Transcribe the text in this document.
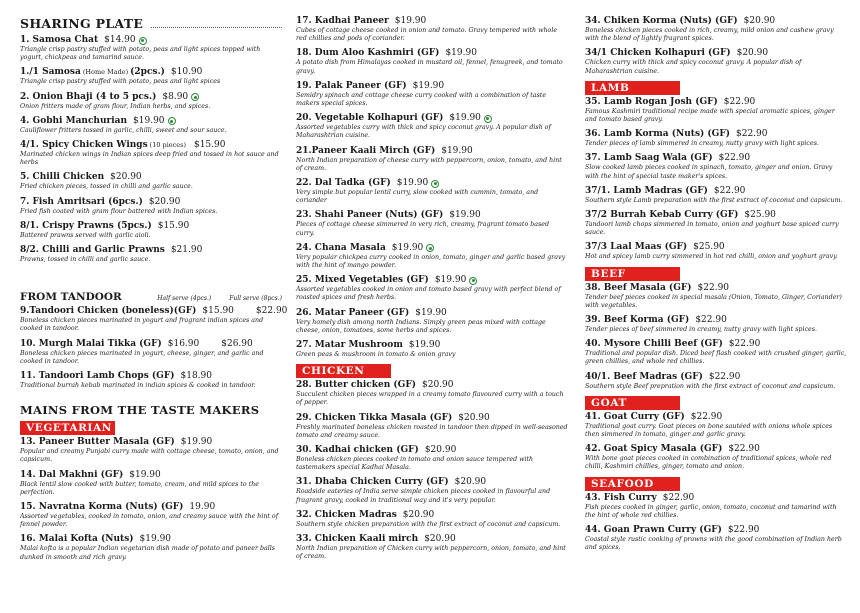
SHARING PLATE
1. Samosa Chat $14.90
Triangle crisp pastry stuffed with potato, peas and light spices topped with yogurt, chickpeas and tamarind sauce.
1./1 Samosa (Home Made) (2pcs.) $10.90
Triangle crisp pastry stuffed with potato, peas and light spices
2. Onion Bhaji (4 to 5 pcs.) $8.90
Onion fritters made of gram flour, Indian herbs, and spices.
4. Gobhi Manchurian $19.90
Cauliflower fritters tossed in garlic, chilli, sweet and sour sauce.
4/1. Spicy Chicken Wings (10 pieces) $15.90
Marinated chicken wings in Indian spices deep fried and tossed in hot sauce and herbs
5. Chilli Chicken $20.90
Fried chicken pieces, tossed in chilli and garlic sauce.
7. Fish Amritsari (6pcs.) $20.90
Fried fish coated with gram flour battered with Indian spices.
8/1. Crispy Prawns (5pcs.) $15.90
Battered prawns served with garlic aioli.
8/2. Chilli and Garlic Prawns $21.90
Prawns, tossed in chilli and garlic sauce.
FROM TANDOOR	Half serve (4pcs.)	Full serve (8pcs.)
9.Tandoori Chicken (boneless)(GF) $15.90 $22.90
Boneless chicken pieces marinated in yogurt and fragrant indian spices and cooked in tandoor.
10. Murgh Malai Tikka (GF) $16.90 $26.90
Boneless chicken pieces marinated in yogurt, cheese, ginger, and garlic and cooked in tandoor.
11. Tandoori Lamb Chops (GF) $18.90
Traditional burrah kebab marinated in indian spices & cooked in tandoor.
MAINS FROM THE TASTE MAKERS
VEGETARIAN
13. Paneer Butter Masala (GF) $19.90
Popular and creamy Punjabi curry made with cottage cheese, tomato, onion, and capsicum.
14. Dal Makhni (GF) $19.90
Black lentil slow cooked with butter, tomato, cream, and mild spices to the perfection.
15. Navratna Korma (Nuts) (GF) 19.90
Assorted vegetables, cooked in tomato, onion, and creamy sauce with the hint of fennel powder.
16. Malai Kofta (Nuts) $19.90
Malai kofta is a popular Indian vegetarian dish made of potato and paneer balls dunked in smooth and rich gravy.
17. Kadhai Paneer $19.90
Cubes of cottage cheese cooked in onion and tomato. Gravy tempered with whole red chillies and pods of coriander.
18. Dum Aloo Kashmiri (GF) $19.90
A potato dish from Himalayas cooked in mustard oil, fennel, fenugreek, and tomato gravy.
19. Palak Paneer (GF) $19.90
Semidry spinach and cottage cheese curry cooked with a combination of taste makers special spices.
20. Vegetable Kolhapuri (GF) $19.90
Assorted vegetables curry with thick and spicy coconut gravy. A popular dish of Maharashtrian cuisine.
21.Paneer Kaali Mirch (GF) $19.90
North Indian preparation of cheese curry with peppercorn, onion, tomato, and hint of cream.
22. Dal Tadka (GF) $19.90
Very simple but popular lentil curry, slow cooked with cummin, tomato, and coriander
23. Shahi Paneer (Nuts) (GF) $19.90
Pieces of cottage cheese simmered in very rich, creamy, fragrant tomato based curry.
24. Chana Masala $19.90
Very popular chickpea curry cooked in onion, tomato, ginger and garlic based gravy with the hint of mango powder.
25. Mixed Vegetables (GF) $19.90
Assorted vegetables cooked in onion and tomato based gravy with perfect blend of roasted spices and fresh herbs.
26. Matar Paneer (GF) $19.90
Very homely dish among north Indians. Simply green peas mixed with cottage cheese, onion, tomatoes, some herbs and spices.
27. Matar Mushroom $19.90
Green peas & mushroom in tomato & onion gravy
CHICKEN
28. Butter chicken (GF) $20.90
Succulent chicken pieces wrapped in a creamy tomato flavoured curry with a touch of pepper.
29. Chicken Tikka Masala (GF) $20.90
Freshly marinated boneless chicken roasted in tandoor then dipped in well-seasoned tomato and creamy sauce.
30. Kadhai chicken (GF) $20.90
Boneless chicken pieces cooked in tomato and onion sauce tempered with tastemakers special Kadhai Masala.
31. Dhaba Chicken Curry (GF) $20.90
Roadside eateries of India serve simple chicken pieces cooked in flavourful and fragrant gravy, cooked in traditional way and it's very popular.
32. Chicken Madras $20.90
Southern style chicken preparation with the first extract of coconut and capsicum.
33. Chicken Kaali mirch $20.90
North Indian preparation of Chicken curry with peppercorn, onion, tomato, and hint of cream.
34. Chiken Korma (Nuts) (GF) $20.90
Boneless chicken pieces cooked in rich, creamy, mild onion and cashew gravy with the blend of lightly fragrant spices.
34/1 Chicken Kolhapuri (GF) $20.90
Chicken curry with thick and spicy coconut gravy. A popular dish of Maharashtrian cuisine.
LAMB
35. Lamb Rogan Josh (GF) $22.90
Famous Kashmiri traditional recipe made with special aromatic spices, ginger and tomato based gravy.
36. Lamb Korma (Nuts) (GF) $22.90
Tender pieces of lamb simmered in creamy, nutty gravy with light spices.
37. Lamb Saag Wala (GF) $22.90
Slow cooked lamb pieces cooked in spinach, tomato, ginger and onion. Gravy with the hint of special taste maker's spices.
37/1. Lamb Madras (GF) $22.90
Southern style Lamb preparation with the first extract of coconut and capsicum.
37/2 Burrah Kebab Curry (GF) $25.90
Tandoori lamb chops simmered in tomato, onion and yoghurt base spiced curry sauce.
37/3 Laal Maas (GF) $25.90
Hot and spicey lamb curry simmered in hot red chilli, onion and yoghurt gravy.
BEEF
38. Beef Masala (GF) $22.90
Tender beef pieces cooked in special masala (Onion, Tomato, Ginger, Coriander) with vegetables.
39. Beef Korma (GF) $22.90
Tender pieces of beef simmered in creamy, nutty gravy with light spices.
40. Mysore Chilli Beef (GF) $22.90
Traditional and popular dish. Diced beef flash cooked with crushed ginger, garlic, green chillies, and whole red chillies.
40/1. Beef Madras (GF) $22.90
Southern style Beef prepration with the first extract of coconut and capsicum.
GOAT
41. Goat Curry (GF) $22.90
Traditional goat curry. Goat pieces on bone sautéed with onions whole spices then simmered in tomato, ginger and garlic gravy.
42. Goat Spicy Masala (GF) $22.90
With bone goat pieces cooked in combination of traditional spices, whole red chilli, Kashmiri chillies, ginger, tomato and onion.
SEAFOOD
43. Fish Curry $22.90
Fish pieces cooked in ginger, garlic, onion, tomato, coconut and tamarind with the hint of whole red chillies.
44. Goan Prawn Curry (GF) $22.90
Coastal style rustic cooking of prawns with the good combination of Indian herb and spices.
